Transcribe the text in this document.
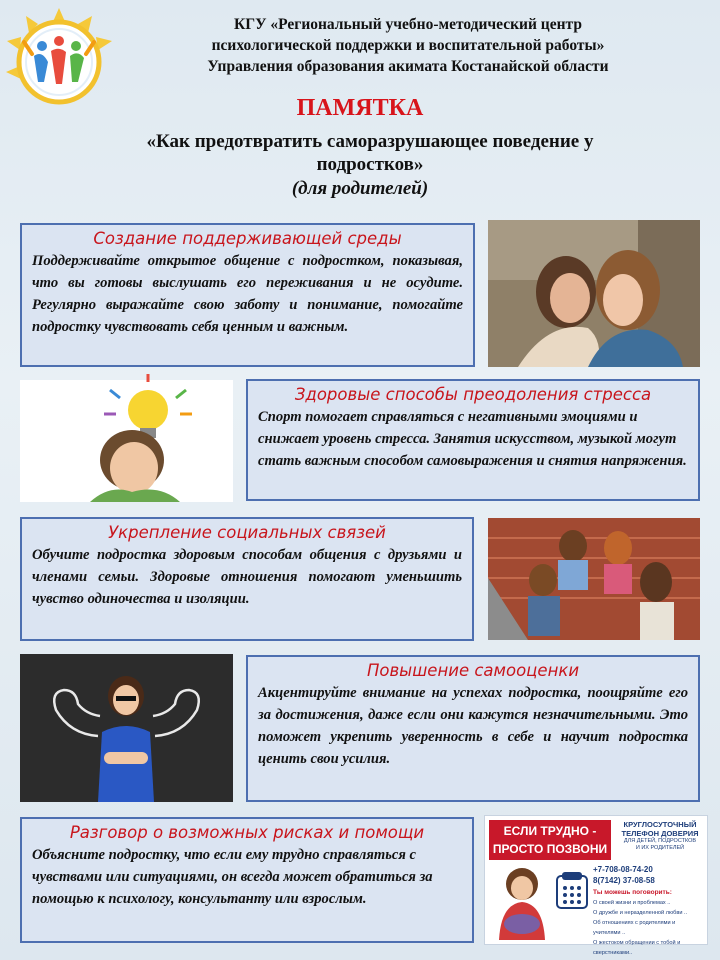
КГУ «Региональный учебно-методический центр
психологической поддержки и воспитательной работы»
Управления образования акимата Костанайской области
ПАМЯТКА
«Как предотвратить саморазрушающее поведение у
подростков»
(для родителей)
Создание поддерживающей среды

Поддерживайте открытое общение с подростком, показывая, что вы готовы выслушать его переживания и не осудите. Регулярно выражайте свою заботу и понимание, помогайте подростку чувствовать себя ценным и важным.

Здоровые способы преодоления стресса

Спорт помогает справляться с негативными эмоциями и снижает уровень стресса. Занятия искусством, музыкой могут стать важным способом самовыражения и снятия напряжения.

Укрепление социальных связей

Обучите подростка здоровым способам общения с друзьями и членами семьи. Здоровые отношения помогают уменьшить чувство одиночества и изоляции.

Повышение самооценки

Акцентируйте внимание на успехах подростка, поощряйте его за достижения, даже если они кажутся незначительными. Это поможет укрепить уверенность в себе и научит подростка ценить свои усилия.

Разговор о возможных рисках и помощи

Объясните подростку, что если ему трудно справляться с чувствами или ситуациями, он всегда может обратиться за помощью к психологу, консультанту или взрослым.

ЕСЛИ ТРУДНО -
ПРОСТО ПОЗВОНИ
КРУГЛОСУТОЧНЫЙ
ТЕЛЕФОН ДОВЕРИЯ
ДЛЯ ДЕТЕЙ, ПОДРОСТКОВ
И ИХ РОДИТЕЛЕЙ
+7-708-08-74-20
8(7142) 37-08-58
Ты можешь поговорить:
О своей жизни и проблемах ..
О дружбе и неразделенной любви ..
Об отношениях с родителями и учителями ..
О жестоком обращении с тобой и сверстниками..
